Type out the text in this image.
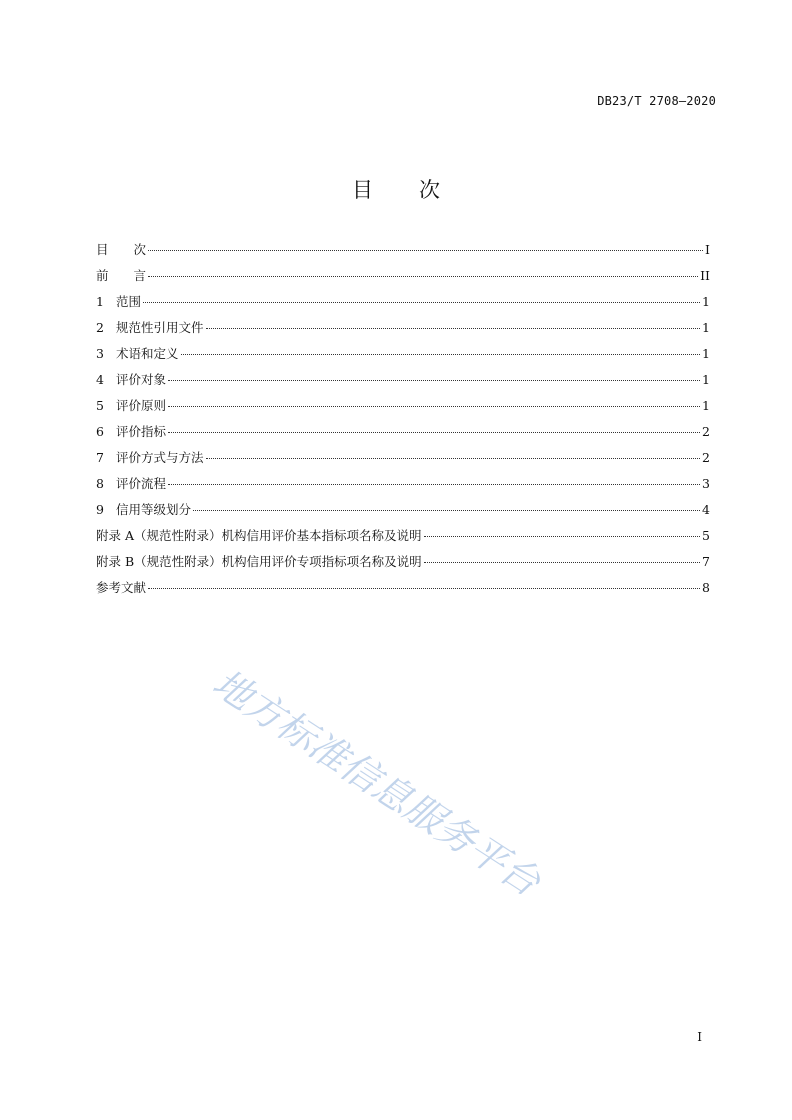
DB23/T 2708—2020
目 次
目　　次	I
前　　言	II
1 范围	1
2 规范性引用文件	1
3 术语和定义	1
4 评价对象	1
5 评价原则	1
6 评价指标	2
7 评价方式与方法	2
8 评价流程	3
9 信用等级划分	4
附录 A（规范性附录）机构信用评价基本指标项名称及说明	5
附录 B（规范性附录）机构信用评价专项指标项名称及说明	7
参考文献	8
地方标准信息服务平台
I
